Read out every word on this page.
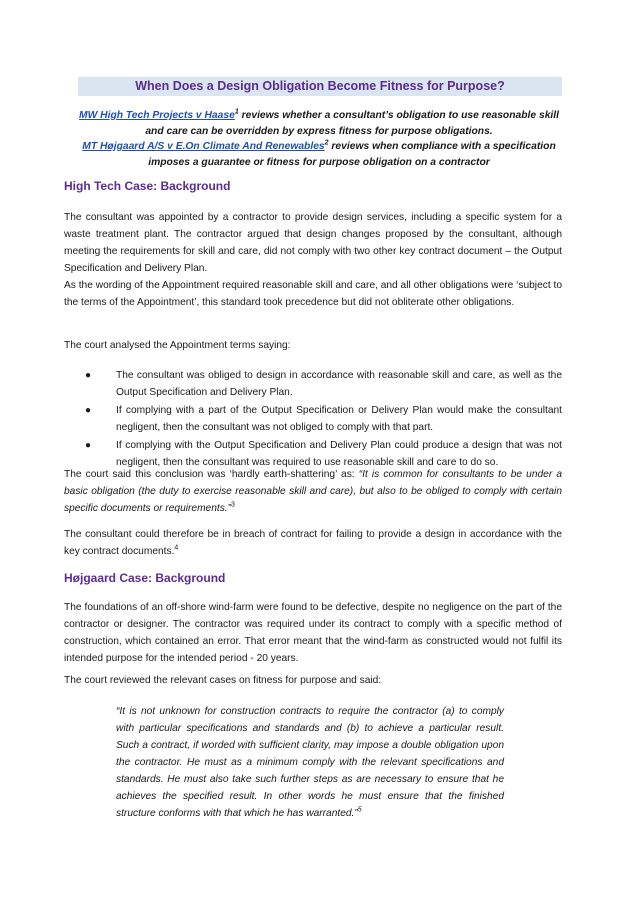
When Does a Design Obligation Become Fitness for Purpose?
MW High Tech Projects v Haase$^1$ reviews whether a consultant’s obligation to use reasonable skill
and care can be overridden by express fitness for purpose obligations.
MT Højgaard A/S v E.On Climate And Renewables$^2$ reviews when compliance with a specification
imposes a guarantee or fitness for purpose obligation on a contractor
High Tech Case: Background
The consultant was appointed by a contractor to provide design services, including a specific system for a waste treatment plant. The contractor argued that design changes proposed by the consultant, although meeting the requirements for skill and care, did not comply with two other key contract document – the Output Specification and Delivery Plan.
As the wording of the Appointment required reasonable skill and care, and all other obligations were ‘subject to the terms of the Appointment’, this standard took precedence but did not obliterate other obligations.
The court analysed the Appointment terms saying:
● The consultant was obliged to design in accordance with reasonable skill and care, as well as the Output Specification and Delivery Plan.
● If complying with a part of the Output Specification or Delivery Plan would make the consultant negligent, then the consultant was not obliged to comply with that part.
● If complying with the Output Specification and Delivery Plan could produce a design that was not negligent, then the consultant was required to use reasonable skill and care to do so.
The court said this conclusion was ‘hardly earth-shattering’ as: “It is common for consultants to be under a basic obligation (the duty to exercise reasonable skill and care), but also to be obliged to comply with certain specific documents or requirements.”$^3$
The consultant could therefore be in breach of contract for failing to provide a design in accordance with the key contract documents.$^4$
Højgaard Case: Background
The foundations of an off-shore wind-farm were found to be defective, despite no negligence on the part of the contractor or designer. The contractor was required under its contract to comply with a specific method of construction, which contained an error. That error meant that the wind-farm as constructed would not fulfil its intended purpose for the intended period - 20 years.
The court reviewed the relevant cases on fitness for purpose and said:
“It is not unknown for construction contracts to require the contractor (a) to comply with particular specifications and standards and (b) to achieve a particular result. Such a contract, if worded with sufficient clarity, may impose a double obligation upon the contractor. He must as a minimum comply with the relevant specifications and standards. He must also take such further steps as are necessary to ensure that he achieves the specified result. In other words he must ensure that the finished structure conforms with that which he has warranted.”$^5$
